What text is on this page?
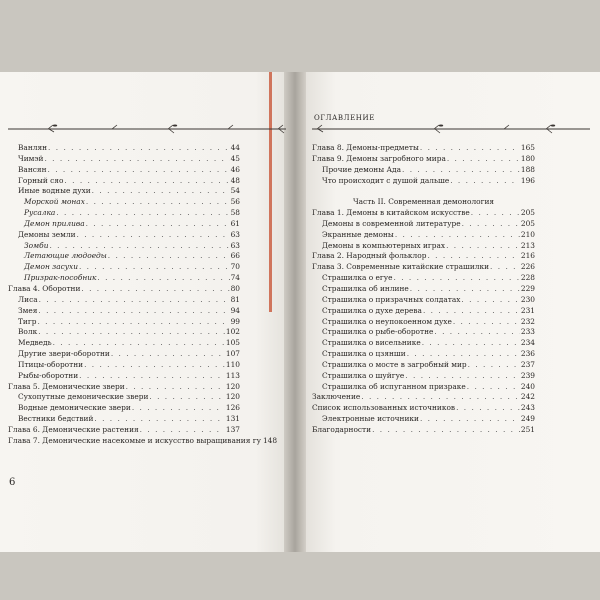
ОГЛАВЛЕНИЕ
Ванлян . . .	44
Чимэй . . .	45
Вансян . . .	46
Горный сяо . . .	48
Иные водные духи . . .	54
Морской монах . . .	56
Русалка . . .	58
Демон прилива . . .	61
Демоны земли . . .	63
Зомби . . .	63
Летающие людоеды . . .	66
Демон засухи . . .	70
Призрак-пособник . . .	74
Глава 4. Оборотни . . .	80
Лиса . . .	81
Змея . . .	94
Тигр . . .	99
Волк . . .	102
Медведь . . .	105
Другие звери-оборотни . . .	107
Птицы-оборотни . . .	110
Рыбы-оборотни . . .	113
Глава 5. Демонические звери . . .	120
Сухопутные демонические звери . . .	120
Водные демонические звери . . .	126
Вестники бедствий . . .	131
Глава 6. Демонические растения . . .	137
Глава 7. Демонические насекомые и искусство выращивания гу 148
Глава 8. Демоны-предметы . . .	165
Глава 9. Демоны загробного мира . . .	180
Прочие демоны Ада . . .	188
Что происходит с душой дальше . . .	196
Часть II. Современная демонология
Глава 1. Демоны в китайском искусстве . . .	205
Демоны в современной литературе . . .	205
Экранные демоны . . .	210
Демоны в компьютерных играх . . .	213
Глава 2. Народный фольклор . . .	216
Глава 3. Современные китайские страшилки . . .	226
Страшилка о егуе . . .	228
Страшилка об инлине . . .	229
Страшилка о призрачных солдатах . . .	230
Страшилка о духе дерева . . .	231
Страшилка о неупокоенном духе . . .	232
Страшилка о рыбе-оборотне . . .	233
Страшилка о висельнике . . .	234
Страшилка о цзянши . . .	236
Страшилка о мосте в загробный мир . . .	237
Страшилка о шуйгуе . . .	239
Страшилка об испуганном призраке . . .	240
Заключение . . .	242
Список использованных источников . . .	243
Электронные источники . . .	249
Благодарности . . .	251
6
